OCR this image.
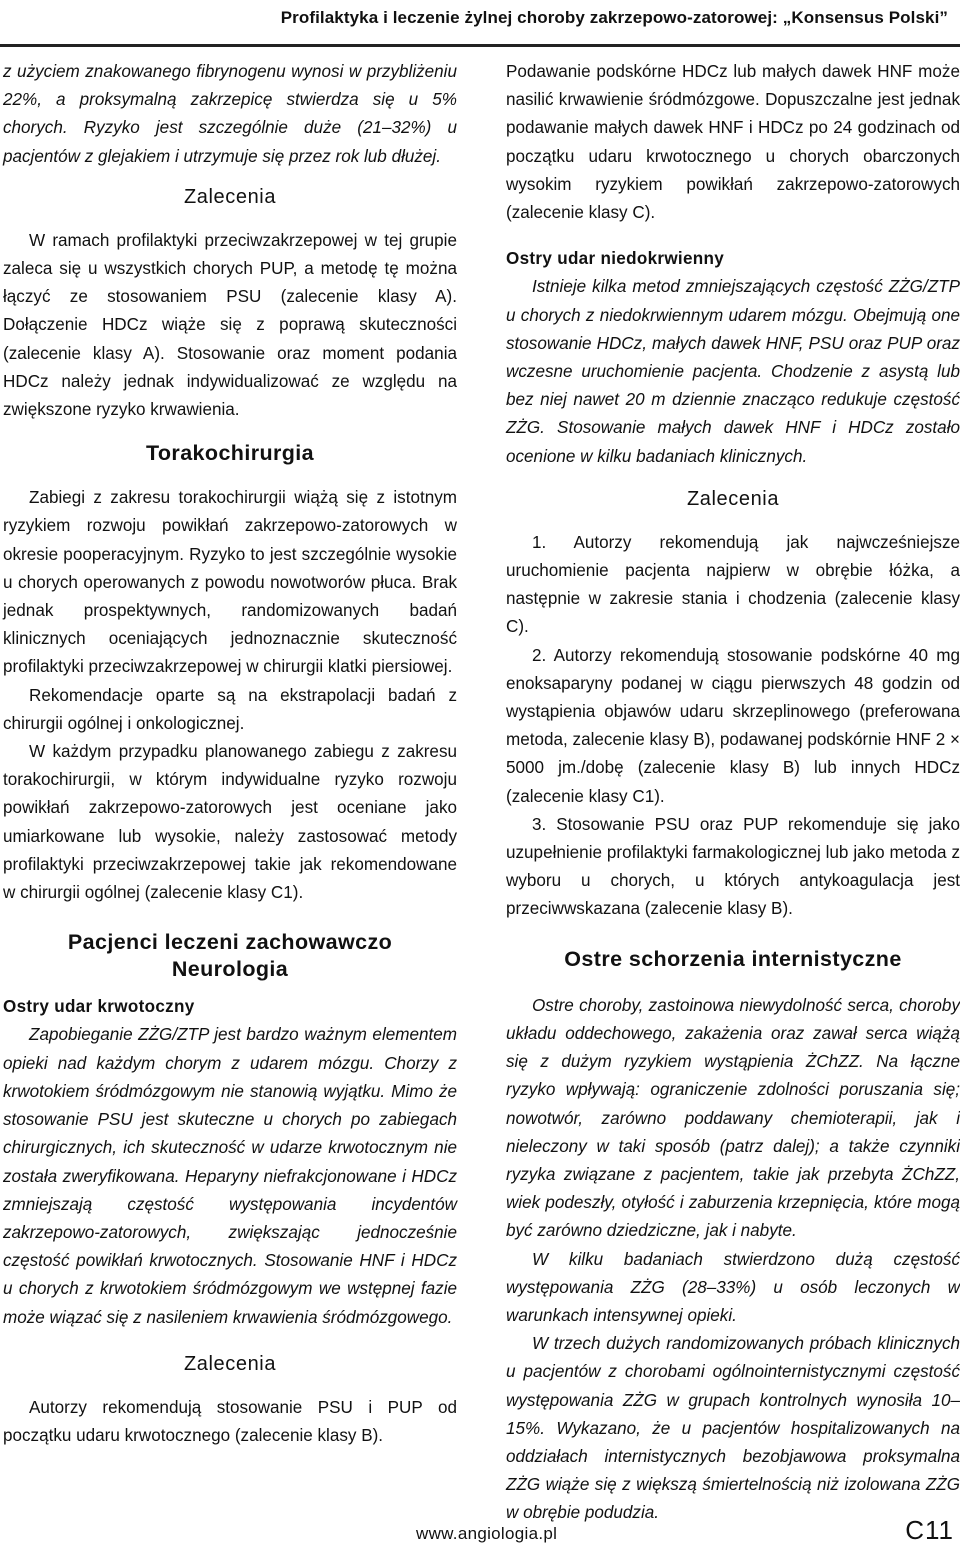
Profilaktyka i leczenie żylnej choroby zakrzepowo-zatorowej: „Konsensus Polski”

z użyciem znakowanego fibrynogenu wynosi w przybliżeniu 22%, a proksymalną zakrzepicę stwierdza się u 5% chorych. Ryzyko jest szczególnie duże (21–32%) u pacjentów z glejakiem i utrzymuje się przez rok lub dłużej.

Zalecenia

W ramach profilaktyki przeciwzakrzepowej w tej grupie zaleca się u wszystkich chorych PUP, a metodę tę można łączyć ze stosowaniem PSU (zalecenie klasy A). Dołączenie HDCz wiąże się z poprawą skuteczności (zalecenie klasy A). Stosowanie oraz moment podania HDCz należy jednak indywidualizować ze względu na zwiększone ryzyko krwawienia.

Torakochirurgia

Zabiegi z zakresu torakochirurgii wiążą się z istotnym ryzykiem rozwoju powikłań zakrzepowo-zatorowych w okresie pooperacyjnym. Ryzyko to jest szczególnie wysokie u chorych operowanych z powodu nowotworów płuca. Brak jednak prospektywnych, randomizowanych badań klinicznych oceniających jednoznacznie skuteczność profilaktyki przeciwzakrzepowej w chirurgii klatki piersiowej.

Rekomendacje oparte są na ekstrapolacji badań z chirurgii ogólnej i onkologicznej.

W każdym przypadku planowanego zabiegu z zakresu torakochirurgii, w którym indywidualne ryzyko rozwoju powikłań zakrzepowo-zatorowych jest oceniane jako umiarkowane lub wysokie, należy zastosować metody profilaktyki przeciwzakrzepowej takie jak rekomendowane w chirurgii ogólnej (zalecenie klasy C1).

Pacjenci leczeni zachowawczo
Neurologia
Ostry udar krwotoczny

Zapobieganie ZŻG/ZTP jest bardzo ważnym elementem opieki nad każdym chorym z udarem mózgu. Chorzy z krwotokiem śródmózgowym nie stanowią wyjątku. Mimo że stosowanie PSU jest skuteczne u chorych po zabiegach chirurgicznych, ich skuteczność w udarze krwotocznym nie została zweryfikowana. Heparyny niefrakcjonowane i HDCz zmniejszają częstość występowania incydentów zakrzepowo-zatorowych, zwiększając jednocześnie częstość powikłań krwotocznych. Stosowanie HNF i HDCz u chorych z krwotokiem śródmózgowym we wstępnej fazie może wiązać się z nasileniem krwawienia śródmózgowego.

Zalecenia

Autorzy rekomendują stosowanie PSU i PUP od początku udaru krwotocznego (zalecenie klasy B).

Podawanie podskórne HDCz lub małych dawek HNF może nasilić krwawienie śródmózgowe. Dopuszczalne jest jednak podawanie małych dawek HNF i HDCz po 24 godzinach od początku udaru krwotocznego u chorych obarczonych wysokim ryzykiem powikłań zakrzepowo-zatorowych (zalecenie klasy C).

Ostry udar niedokrwienny

Istnieje kilka metod zmniejszających częstość ZŻG/ZTP u chorych z niedokrwiennym udarem mózgu. Obejmują one stosowanie HDCz, małych dawek HNF, PSU oraz PUP oraz wczesne uruchomienie pacjenta. Chodzenie z asystą lub bez niej nawet 20 m dziennie znacząco redukuje częstość ZŻG. Stosowanie małych dawek HNF i HDCz zostało ocenione w kilku badaniach klinicznych.

Zalecenia

1. Autorzy rekomendują jak najwcześniejsze uruchomienie pacjenta najpierw w obrębie łóżka, a następnie w zakresie stania i chodzenia (zalecenie klasy C).

2. Autorzy rekomendują stosowanie podskórne 40 mg enoksaparyny podanej w ciągu pierwszych 48 godzin od wystąpienia objawów udaru skrzeplinowego (preferowana metoda, zalecenie klasy B), podawanej podskórnie HNF 2 × 5000 jm./dobę (zalecenie klasy B) lub innych HDCz (zalecenie klasy C1).

3. Stosowanie PSU oraz PUP rekomenduje się jako uzupełnienie profilaktyki farmakologicznej lub jako metoda z wyboru u chorych, u których antykoagulacja jest przeciwwskazana (zalecenie klasy B).

Ostre schorzenia internistyczne

Ostre choroby, zastoinowa niewydolność serca, choroby układu oddechowego, zakażenia oraz zawał serca wiążą się z dużym ryzykiem wystąpienia ŻChZZ. Na łączne ryzyko wpływają: ograniczenie zdolności poruszania się; nowotwór, zarówno poddawany chemioterapii, jak i nieleczony w taki sposób (patrz dalej); a także czynniki ryzyka związane z pacjentem, takie jak przebyta ŻChZZ, wiek podeszły, otyłość i zaburzenia krzepnięcia, które mogą być zarówno dziedziczne, jak i nabyte.

W kilku badaniach stwierdzono dużą częstość występowania ZŻG (28–33%) u osób leczonych w warunkach intensywnej opieki.

W trzech dużych randomizowanych próbach klinicznych u pacjentów z chorobami ogólnointernistycznymi częstość występowania ZŻG w grupach kontrolnych wynosiła 10–15%. Wykazano, że u pacjentów hospitalizowanych na oddziałach internistycznych bezobjawowa proksymalna ZŻG wiąże się z większą śmiertelnością niż izolowana ZŻG w obrębie podudzia.

www.angiologia.pl	C11
